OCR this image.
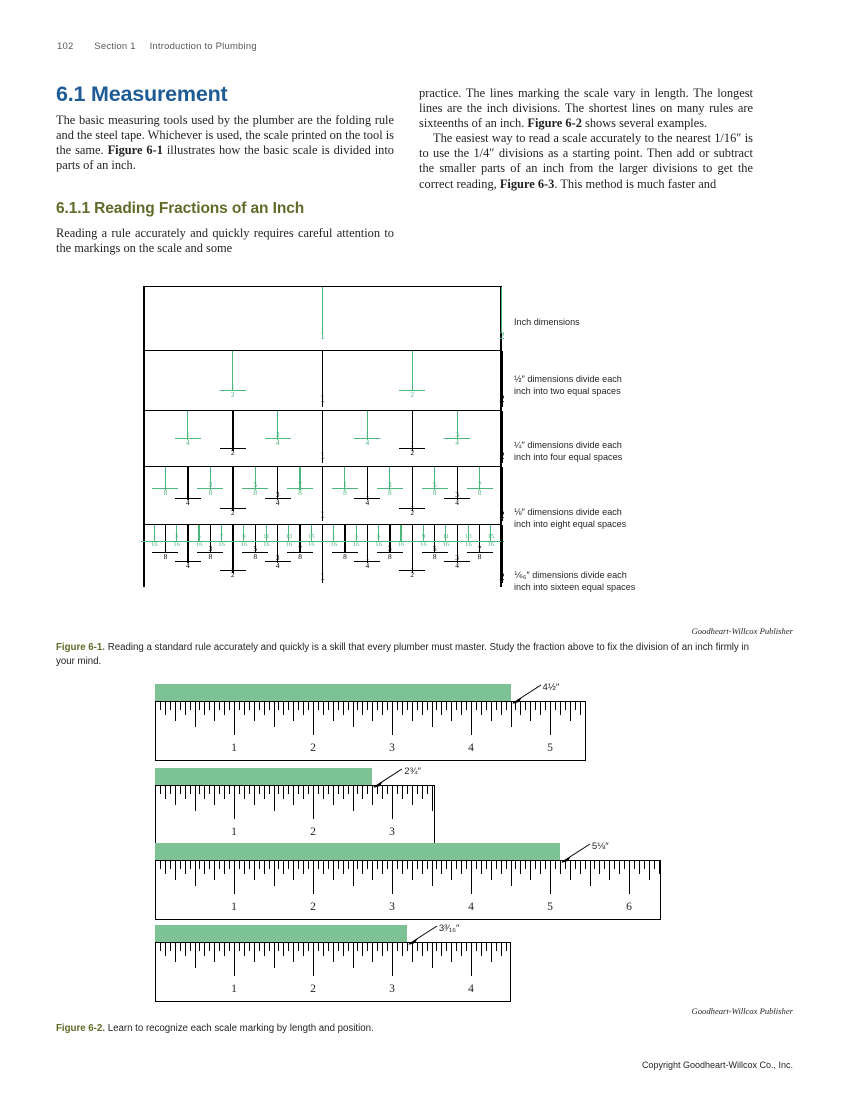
102 Section 1 Introduction to Plumbing
6.1 Measurement
6.1.1 Reading Fractions of an Inch

The basic measuring tools used by the plumber are the folding rule and the steel tape. Whichever is used, the scale printed on the tool is the same. Figure 6-1 illustrates how the basic scale is divided into parts of an inch.

Reading a rule accurately and quickly requires careful attention to the markings on the scale and some

practice. The lines marking the scale vary in length. The longest lines are the inch divisions. The shortest lines on many rules are sixteenths of an inch. Figure 6-2 shows several examples.

The easiest way to read a scale accurately to the nearest 1/16″ is to use the 1/4″ divisions as a starting point. Then add or subtract the smaller parts of an inch from the larger divisions to get the correct reading, Figure 6-3. This method is much faster and

1	2
$\frac{1}{2}$
1
$\frac{1}{2}$
2
$\frac{1}{4}$
$\frac{1}{2}$
$\frac{3}{4}$
1
$\frac{1}{4}$
$\frac{1}{2}$
$\frac{3}{4}$
2
$\frac{1}{8}$
$\frac{1}{4}$
$\frac{3}{8}$
$\frac{1}{2}$
$\frac{5}{8}$
$\frac{3}{4}$
$\frac{7}{8}$
1
$\frac{1}{8}$
$\frac{1}{4}$
$\frac{3}{8}$
$\frac{1}{2}$
$\frac{5}{8}$
$\frac{3}{4}$
$\frac{7}{8}$
2
$\frac{1}{16}$
$\frac{1}{8}$
$\frac{3}{16}$
$\frac{1}{4}$
$\frac{5}{16}$
$\frac{3}{8}$
$\frac{7}{16}$
$\frac{1}{2}$
$\frac{9}{16}$
$\frac{5}{8}$
$\frac{11}{16}$
$\frac{3}{4}$
$\frac{13}{16}$
$\frac{7}{8}$
$\frac{15}{16}$
1
$\frac{1}{16}$
$\frac{1}{8}$
$\frac{3}{16}$
$\frac{1}{4}$
$\frac{5}{16}$
$\frac{3}{8}$
$\frac{7}{16}$
$\frac{1}{2}$
$\frac{9}{16}$
$\frac{5}{8}$
$\frac{11}{16}$
$\frac{3}{4}$
$\frac{13}{16}$
$\frac{7}{8}$
$\frac{15}{16}$
2
Inch dimensions
½″ dimensions divide each
inch into two equal spaces
¼″ dimensions divide each
inch into four equal spaces
⅛″ dimensions divide each
inch into eight equal spaces
⅙₆″ dimensions divide each
inch into sixteen equal spaces
Goodheart-Willcox Publisher
Figure 6-1. Reading a standard rule accurately and quickly is a skill that every plumber must master. Study the fraction above to fix the division of an inch firmly in your mind.
1	2	3	4	5
4½″
1	2	3
2¾″
1	2	3	4	5	6
5⅛″
1	2	3	4
3³⁄₁₆″
Goodheart-Willcox Publisher
Figure 6-2. Learn to recognize each scale marking by length and position.
Copyright Goodheart-Willcox Co., Inc.
